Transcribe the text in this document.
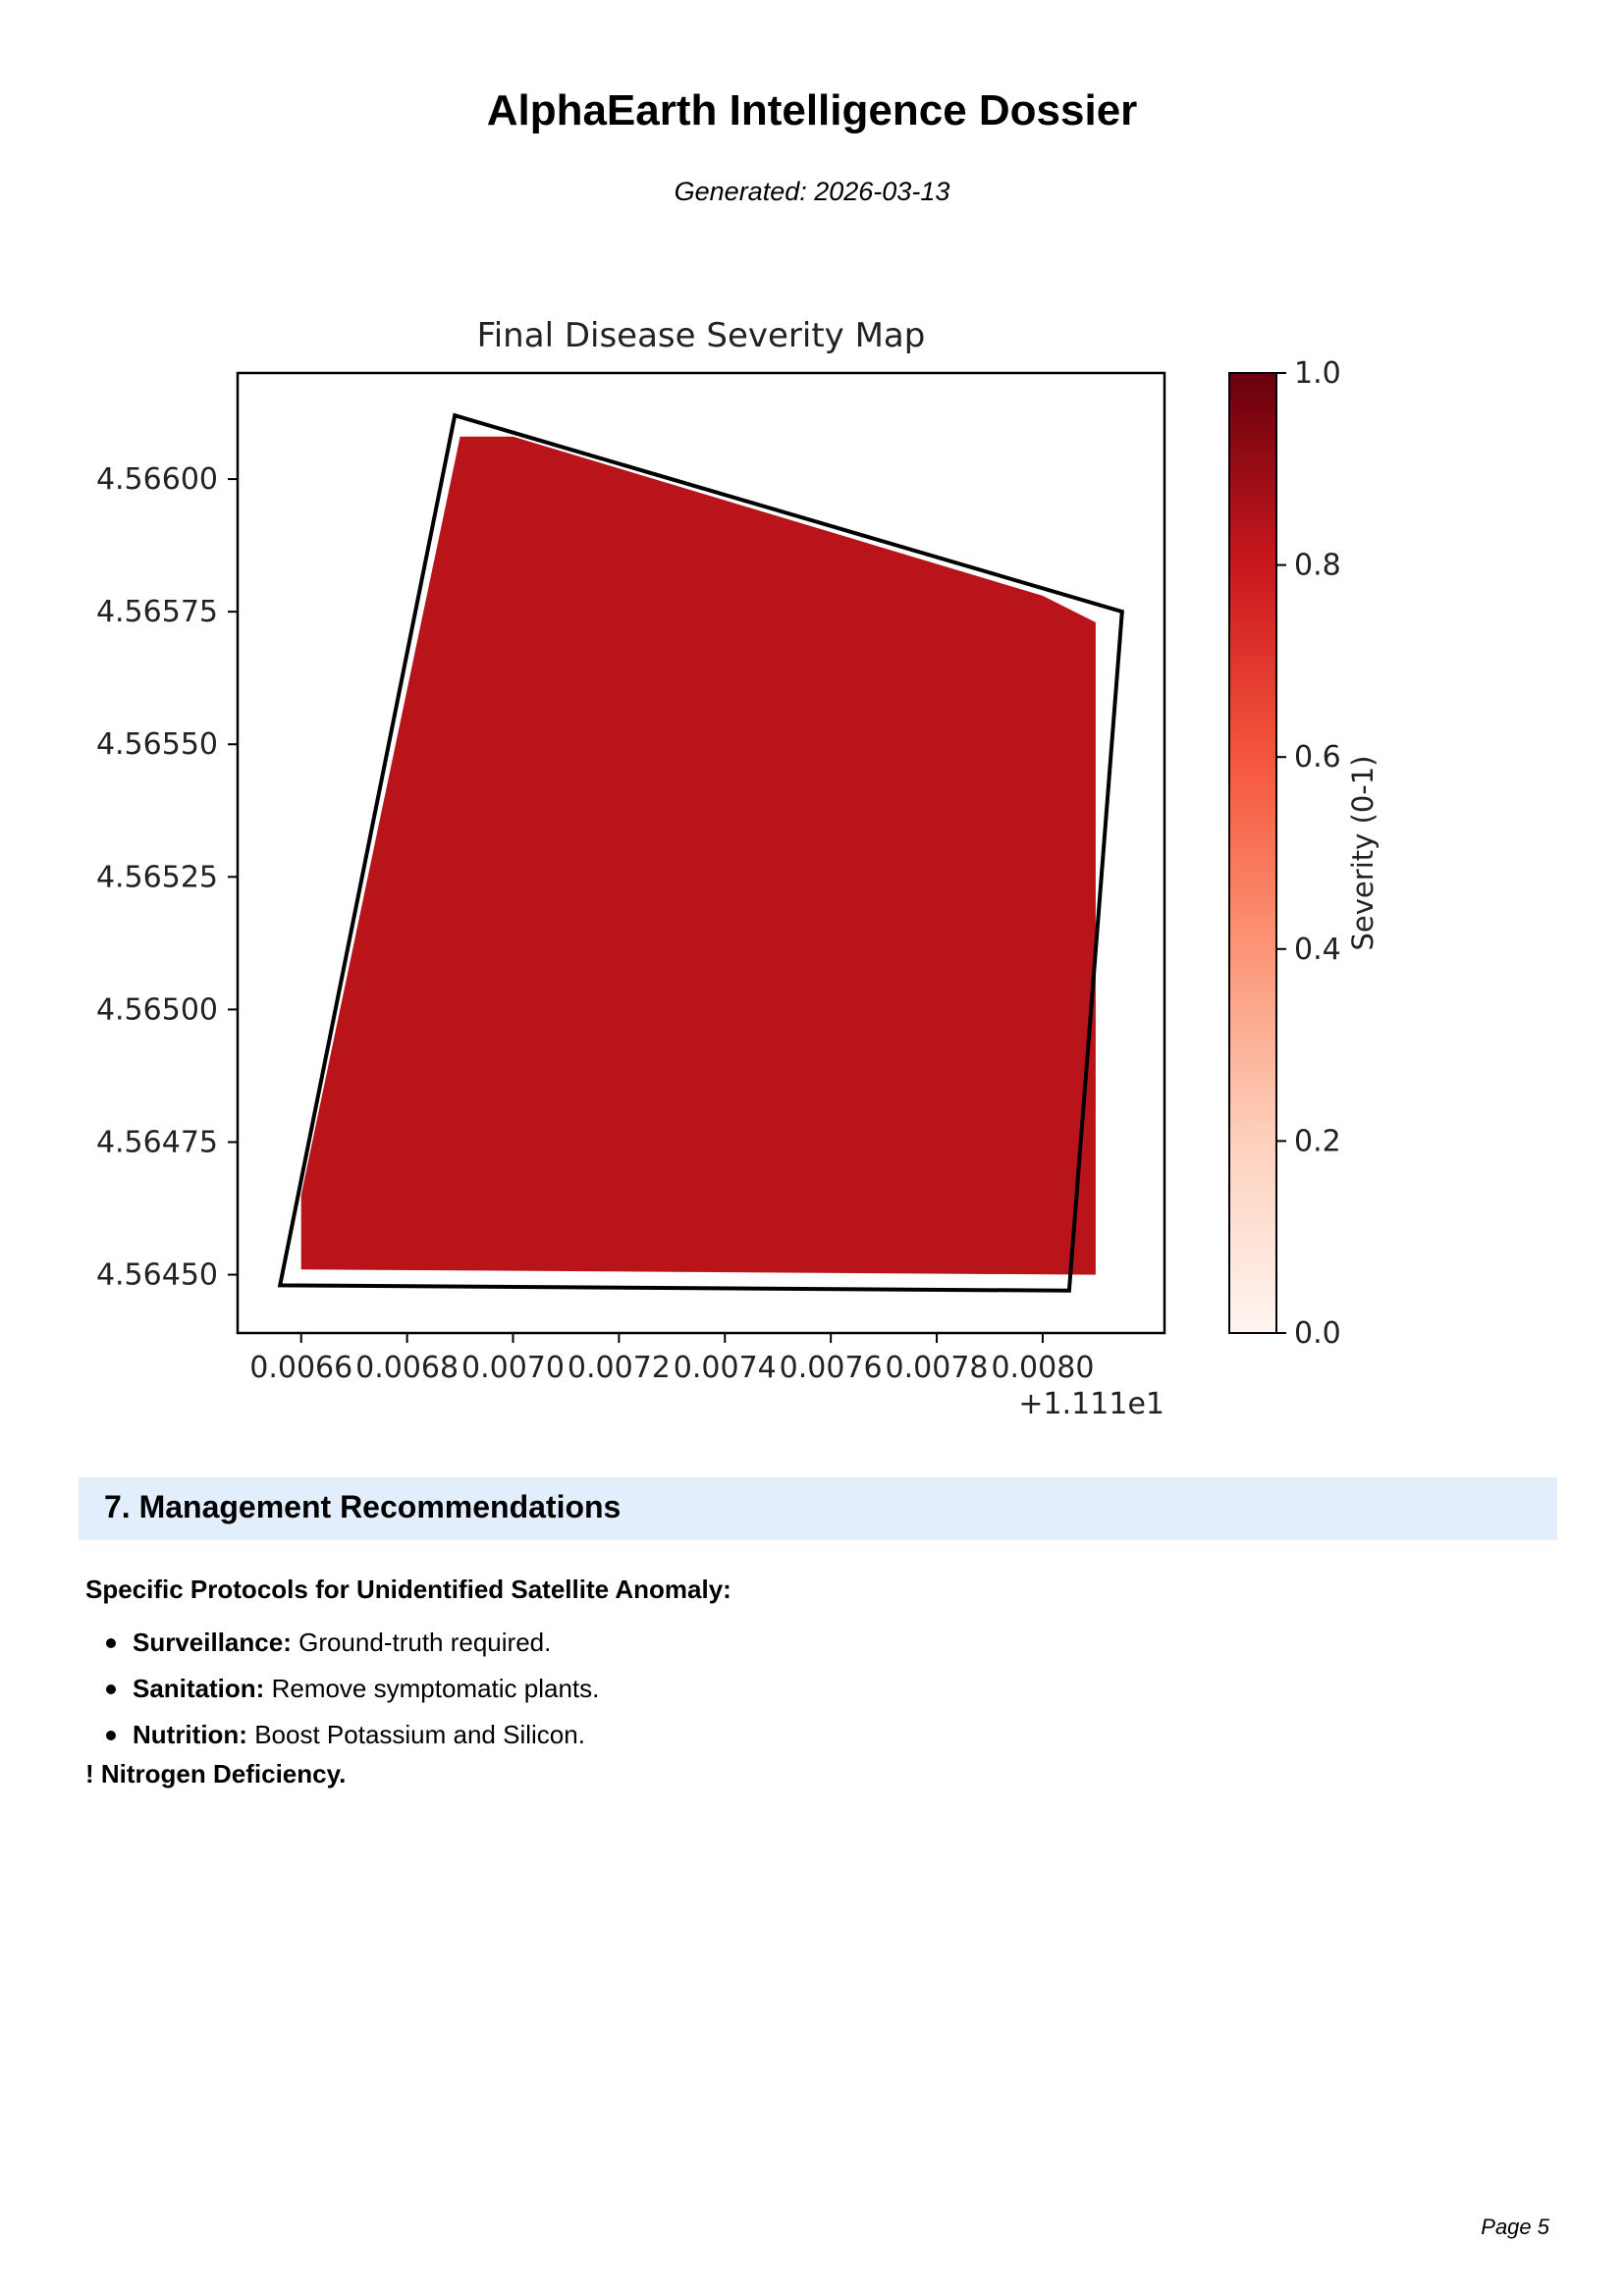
AlphaEarth Intelligence Dossier
Generated: 2026-03-13
Final Disease Severity Map
0.0066 0.0068 0.0070 0.0072 0.0074 0.0076 0.0078 0.0080
4.56600
4.56575
4.56550
4.56525
4.56500
4.56475
4.56450
+1.111e1
0.0
0.2
0.4
0.6
0.8
1.0
Severity (0-1)
7. Management Recommendations
Specific Protocols for Unidentified Satellite Anomaly:
Surveillance: Ground-truth required.
Sanitation: Remove symptomatic plants.
Nutrition: Boost Potassium and Silicon.
! Nitrogen Deficiency.
Page 5
